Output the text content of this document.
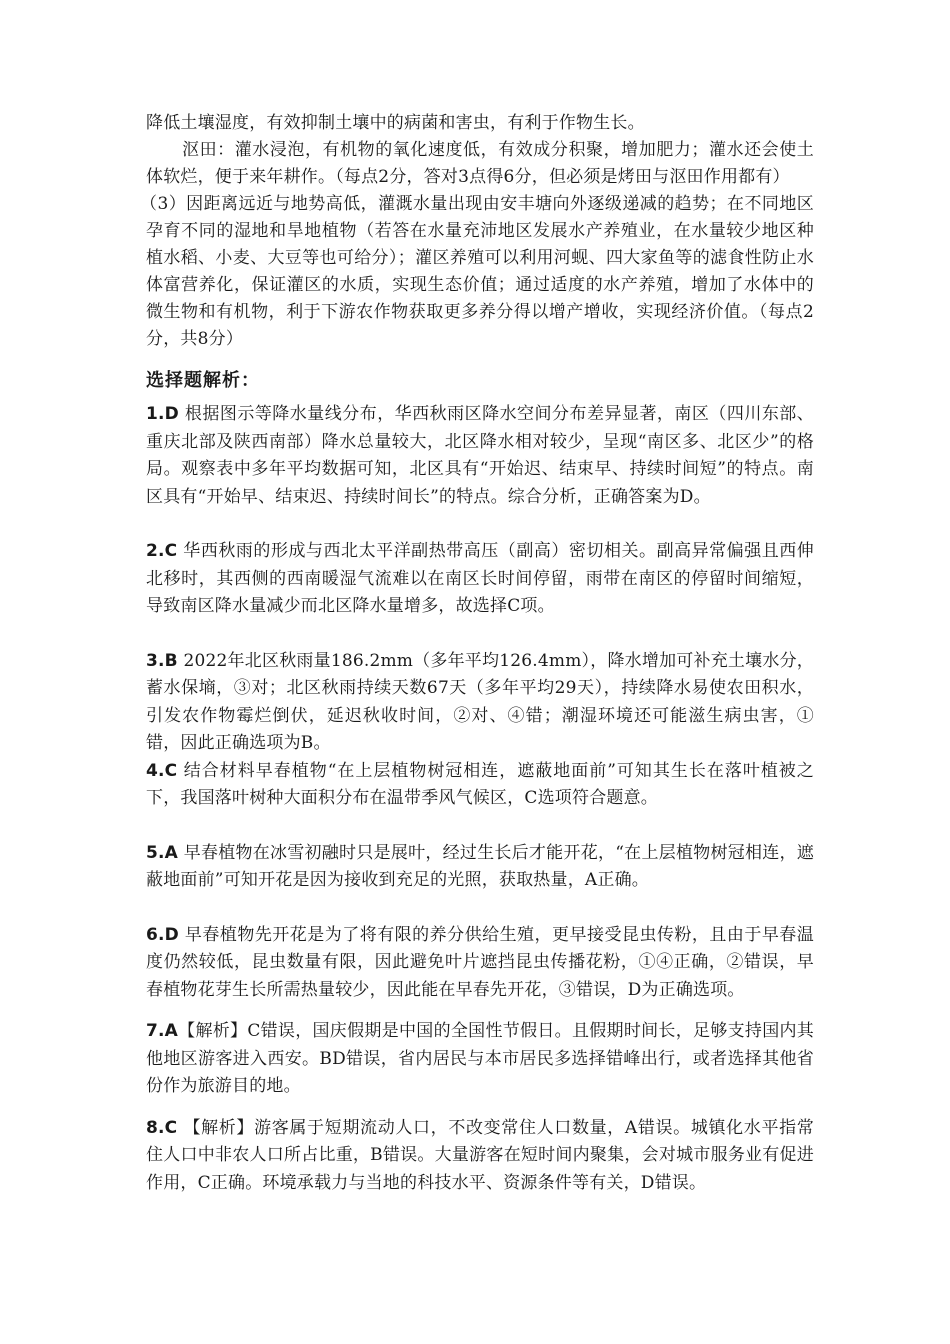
降低土壤湿度，有效抑制土壤中的病菌和害虫，有利于作物生长。

沤田：灌水浸泡，有机物的氧化速度低，有效成分积聚，增加肥力；灌水还会使土体软烂，便于来年耕作。（每点2分，答对3点得6分，但必须是烤田与沤田作用都有）

（3）因距离远近与地势高低，灌溉水量出现由安丰塘向外逐级递减的趋势；在不同地区孕育不同的湿地和旱地植物（若答在水量充沛地区发展水产养殖业，在水量较少地区种植水稻、小麦、大豆等也可给分）；灌区养殖可以利用河蚬、四大家鱼等的滤食性防止水体富营养化，保证灌区的水质，实现生态价值；通过适度的水产养殖，增加了水体中的微生物和有机物，利于下游农作物获取更多养分得以增产增收，实现经济价值。（每点2分，共8分）

选择题解析：

1.D 根据图示等降水量线分布，华西秋雨区降水空间分布差异显著，南区（四川东部、重庆北部及陕西南部）降水总量较大，北区降水相对较少，呈现“南区多、北区少”的格局。观察表中多年平均数据可知，北区具有“开始迟、结束早、持续时间短”的特点。南区具有“开始早、结束迟、持续时间长”的特点。综合分析，正确答案为D。

2.C 华西秋雨的形成与西北太平洋副热带高压（副高）密切相关。副高异常偏强且西伸北移时，其西侧的西南暖湿气流难以在南区长时间停留，雨带在南区的停留时间缩短，导致南区降水量减少而北区降水量增多，故选择C项。

3.B 2022年北区秋雨量186.2mm（多年平均126.4mm），降水增加可补充土壤水分，蓄水保墒，③对；北区秋雨持续天数67天（多年平均29天），持续降水易使农田积水，引发农作物霉烂倒伏，延迟秋收时间，②对、④错；潮湿环境还可能滋生病虫害，①错，因此正确选项为B。

4.C 结合材料早春植物“在上层植物树冠相连，遮蔽地面前”可知其生长在落叶植被之下，我国落叶树种大面积分布在温带季风气候区，C选项符合题意。

5.A 早春植物在冰雪初融时只是展叶，经过生长后才能开花，“在上层植物树冠相连，遮蔽地面前”可知开花是因为接收到充足的光照，获取热量，A正确。

6.D 早春植物先开花是为了将有限的养分供给生殖，更早接受昆虫传粉，且由于早春温度仍然较低，昆虫数量有限，因此避免叶片遮挡昆虫传播花粉，①④正确，②错误，早春植物花芽生长所需热量较少，因此能在早春先开花，③错误，D为正确选项。

7.A【解析】C错误，国庆假期是中国的全国性节假日。且假期时间长，足够支持国内其他地区游客进入西安。BD错误，省内居民与本市居民多选择错峰出行，或者选择其他省份作为旅游目的地。

8.C 【解析】游客属于短期流动人口，不改变常住人口数量，A错误。城镇化水平指常住人口中非农人口所占比重，B错误。大量游客在短时间内聚集，会对城市服务业有促进作用，C正确。环境承载力与当地的科技水平、资源条件等有关，D错误。
